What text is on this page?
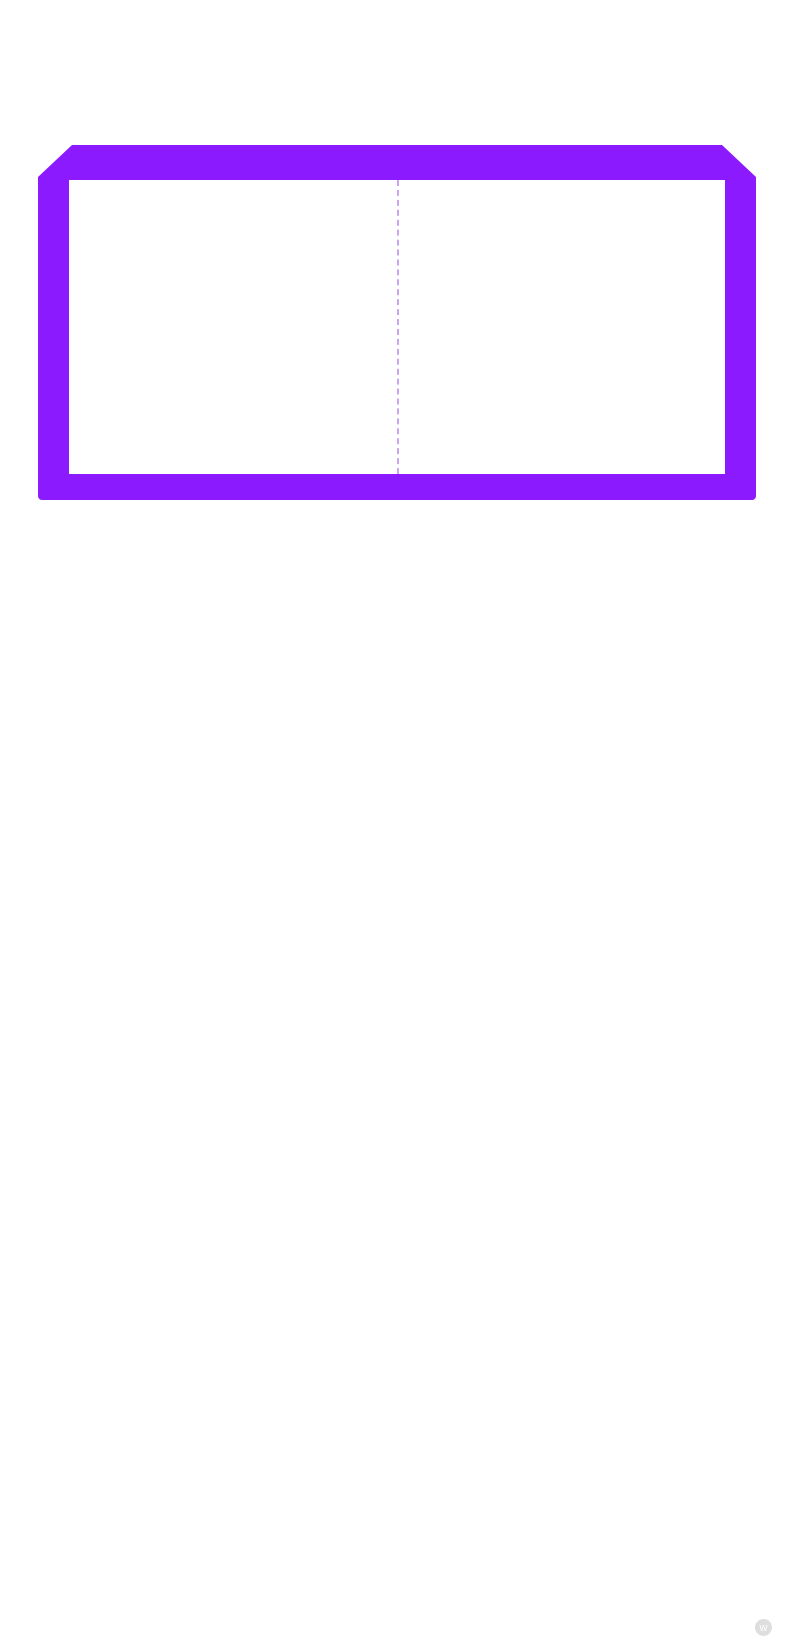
w
